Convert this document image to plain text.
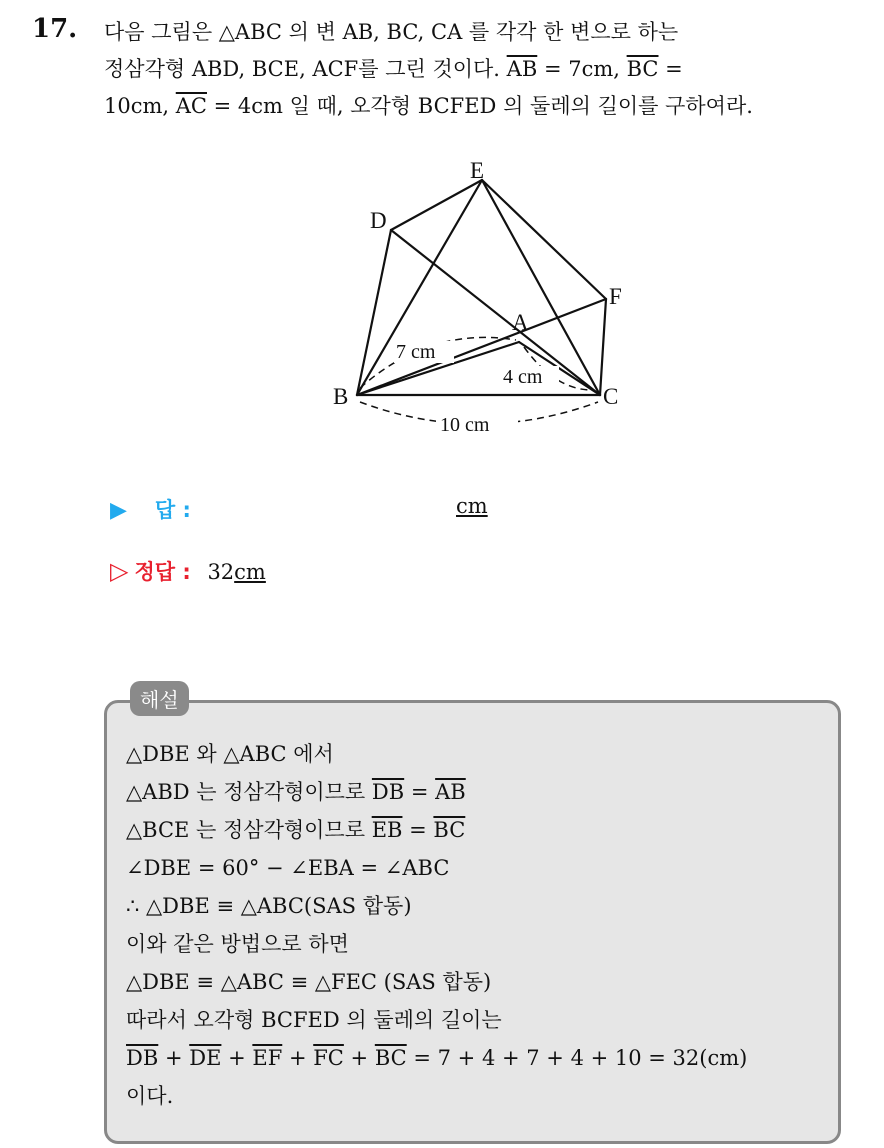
17. 다음 그림은 △ABC 의 변 AB, BC, CA 를 각각 한 변으로 하는
정삼각형 ABD, BCE, ACF를 그린 것이다. $\overline{AB} = 7cm$, $\overline{BC}$ =
10cm, $\overline{AC} = 4cm$ 일 때, 오각형 BCFED 의 둘레의 길이를 구하여라.
E
D
F
A
B	C
7 cm
4 cm
10 cm
▶ 답 :	cm
▷ 정답 : 32cm
해설
△DBE 와 △ABC 에서
△ABD 는 정삼각형이므로 $\overline{DB} = \overline{AB}$
△BCE 는 정삼각형이므로 $\overline{EB} = \overline{BC}$
∠DBE = 60° − ∠EBA = ∠ABC
∴ △DBE ≡ △ABC(SAS 합동)
이와 같은 방법으로 하면
△DBE ≡ △ABC ≡ △FEC (SAS 합동)
따라서 오각형 BCFED 의 둘레의 길이는
$\overline{DB} + \overline{DE} + \overline{EF} + \overline{FC} + \overline{BC} = 7 + 4 + 7 + 4 + 10 = 32(cm)$
이다.
